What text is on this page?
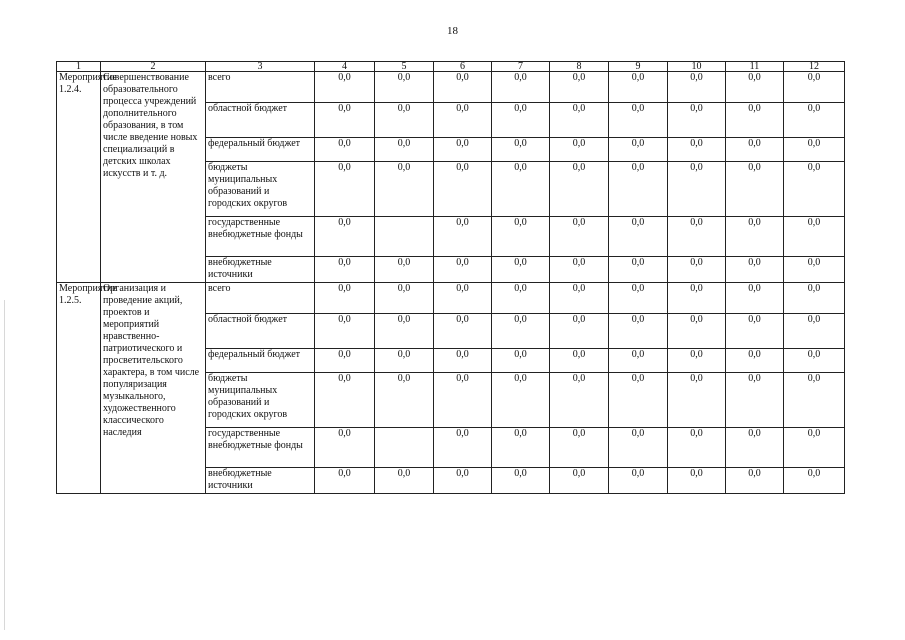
18
1	2	3	4	5	6	7	8	9	10	11	12
Мероприятие 1.2.4.	Совершенствование образовательного процесса учреждений дополнительного образования, в том числе введение новых специализаций в детских школах искусств и т. д.	всего	0,0	0,0	0,0	0,0	0,0	0,0	0,0	0,0	0,0
		областной бюджет	0,0	0,0	0,0	0,0	0,0	0,0	0,0	0,0	0,0
		федеральный бюджет	0,0	0,0	0,0	0,0	0,0	0,0	0,0	0,0	0,0
		бюджеты муниципальных образований и городских округов	0,0	0,0	0,0	0,0	0,0	0,0	0,0	0,0	0,0
		государственные внебюджетные фонды	0,0		0,0	0,0	0,0	0,0	0,0	0,0	0,0
		внебюджетные источники	0,0	0,0	0,0	0,0	0,0	0,0	0,0	0,0	0,0
Мероприятие 1.2.5.	Организация и проведение акций, проектов и мероприятий нравственно-патриотического и просветительского характера, в том числе популяризация музыкального, художественного классического наследия	всего	0,0	0,0	0,0	0,0	0,0	0,0	0,0	0,0	0,0
		областной бюджет	0,0	0,0	0,0	0,0	0,0	0,0	0,0	0,0	0,0
		федеральный бюджет	0,0	0,0	0,0	0,0	0,0	0,0	0,0	0,0	0,0
		бюджеты муниципальных образований и городских округов	0,0	0,0	0,0	0,0	0,0	0,0	0,0	0,0	0,0
		государственные внебюджетные фонды	0,0		0,0	0,0	0,0	0,0	0,0	0,0	0,0
		внебюджетные источники	0,0	0,0	0,0	0,0	0,0	0,0	0,0	0,0	0,0
